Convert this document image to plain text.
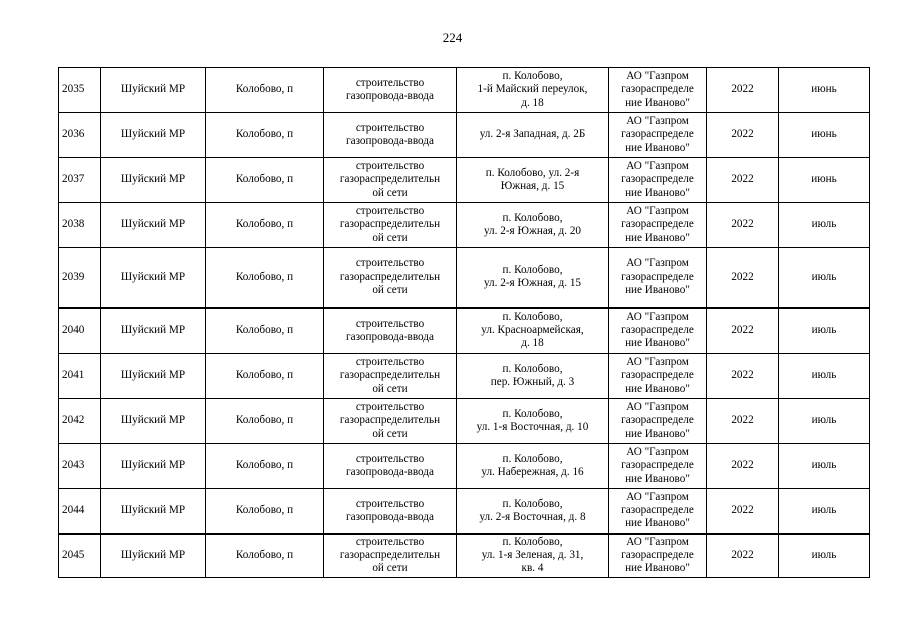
224
2035	Шуйский МР	Колобово, п	строительство
газопровода-ввода	п. Колобово,
1-й Майский переулок,
д. 18	АО "Газпром
газораспределе
ние Иваново"	2022	июнь

2036	Шуйский МР	Колобово, п	строительство
газопровода-ввода	ул. 2-я Западная, д. 2Б	АО "Газпром
газораспределе
ние Иваново"	2022	июнь

2037	Шуйский МР	Колобово, п	строительство
газораспределительн
ой сети	п. Колобово, ул. 2-я
Южная, д. 15	АО "Газпром
газораспределе
ние Иваново"	2022	июнь

2038	Шуйский МР	Колобово, п	строительство
газораспределительн
ой сети	п. Колобово,
ул. 2-я Южная, д. 20	АО "Газпром
газораспределе
ние Иваново"	2022	июль

2039	Шуйский МР	Колобово, п	строительство
газораспределительн
ой сети	п. Колобово,
ул. 2-я Южная, д. 15	АО "Газпром
газораспределе
ние Иваново"	2022	июль

2040	Шуйский МР	Колобово, п	строительство
газопровода-ввода	п. Колобово,
ул. Красноармейская,
д. 18	АО "Газпром
газораспределе
ние Иваново"	2022	июль

2041	Шуйский МР	Колобово, п	строительство
газораспределительн
ой сети	п. Колобово,
пер. Южный, д. 3	АО "Газпром
газораспределе
ние Иваново"	2022	июль

2042	Шуйский МР	Колобово, п	строительство
газораспределительн
ой сети	п. Колобово,
ул. 1-я Восточная, д. 10	АО "Газпром
газораспределе
ние Иваново"	2022	июль

2043	Шуйский МР	Колобово, п	строительство
газопровода-ввода	п. Колобово,
ул. Набережная, д. 16	АО "Газпром
газораспределе
ние Иваново"	2022	июль

2044	Шуйский МР	Колобово, п	строительство
газопровода-ввода	п. Колобово,
ул. 2-я Восточная, д. 8	АО "Газпром
газораспределе
ние Иваново"	2022	июль

2045	Шуйский МР	Колобово, п	строительство
газораспределительн
ой сети	п. Колобово,
ул. 1-я Зеленая, д. 31,
кв. 4	АО "Газпром
газораспределе
ние Иваново"	2022	июль
